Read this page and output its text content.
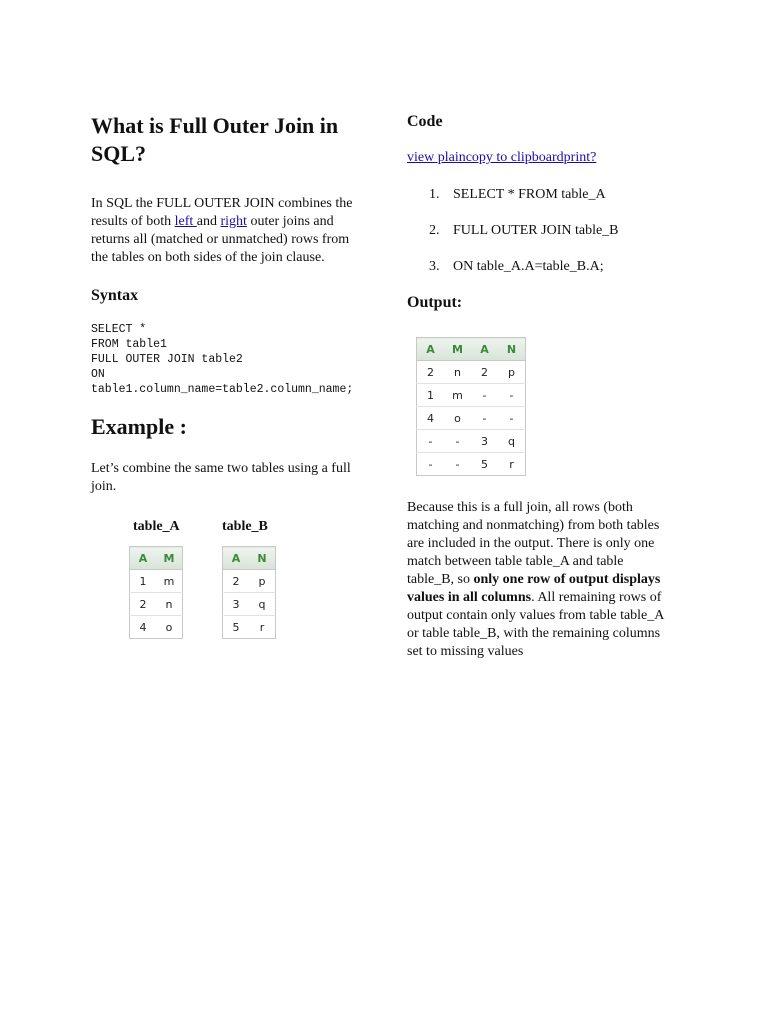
What is Full Outer Join in SQL?

In SQL the FULL OUTER JOIN combines the results of both left and right outer joins and returns all (matched or unmatched) rows from the tables on both sides of the join clause.

Syntax
SELECT *
FROM table1
FULL OUTER JOIN table2
ON
table1.column_name=table2.column_name;
Example :

Let’s combine the same two tables using a full join.

table_A

A	M
1	m
2	n
4	o

table_B

A	N
2	p
3	q
5	r
Code

view plaincopy to clipboardprint?

1. SELECT * FROM table_A
2. FULL OUTER JOIN table_B
3. ON table_A.A=table_B.A;
Output:
A	M	A	N
2	n	2	p
1	m	-	-
4	o	-	-
-	-	3	q
-	-	5	r

Because this is a full join, all rows (both matching and nonmatching) from both tables are included in the output. There is only one match between table table_A and table table_B, so only one row of output displays values in all columns. All remaining rows of output contain only values from table table_A or table table_B, with the remaining columns set to missing values
